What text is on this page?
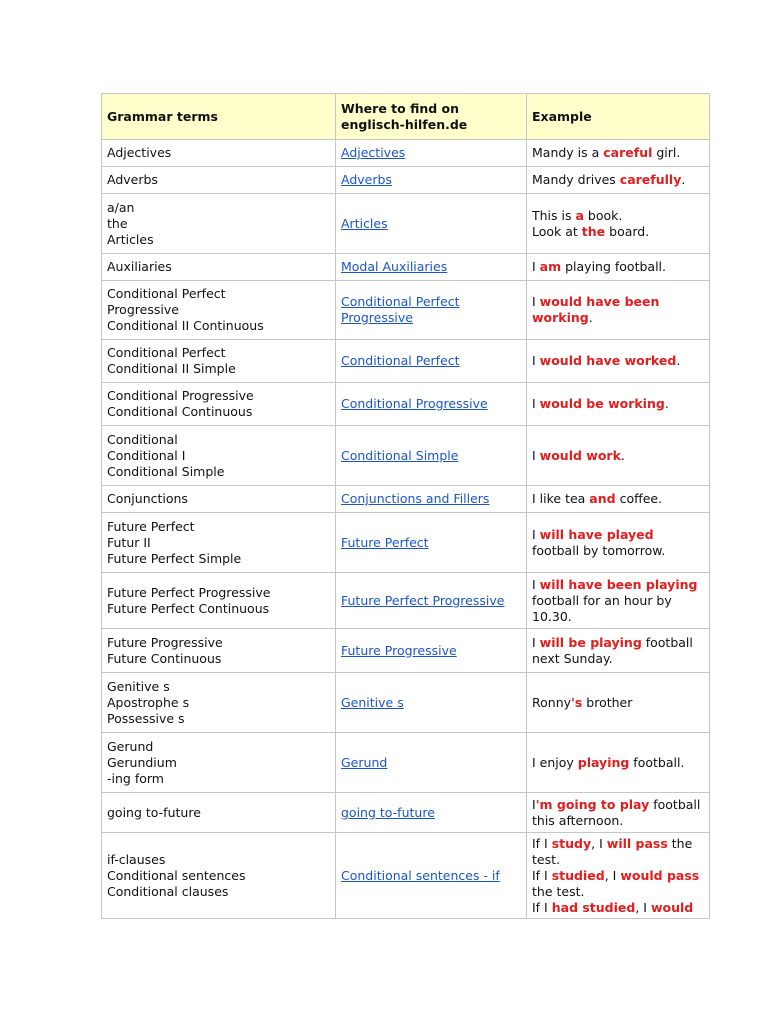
Grammar terms	Where to find on englisch-hilfen.de	Example

Adjectives	Adjectives	Mandy is a careful girl.

Adverbs	Adverbs	Mandy drives carefully.

a/an
the
Articles	Articles	This is a book.
Look at the board.

Auxiliaries	Modal Auxiliaries	I am playing football.

Conditional Perfect
Progressive
Conditional II Continuous	Conditional Perfect Progressive	I would have been working.

Conditional Perfect
Conditional II Simple	Conditional Perfect	I would have worked.

Conditional Progressive
Conditional Continuous	Conditional Progressive	I would be working.

Conditional
Conditional I
Conditional Simple	Conditional Simple	I would work.

Conjunctions	Conjunctions and Fillers	I like tea and coffee.

Future Perfect
Futur II
Future Perfect Simple	Future Perfect	I will have played football by tomorrow.

Future Perfect Progressive
Future Perfect Continuous	Future Perfect Progressive	I will have been playing football for an hour by 10.30.

Future Progressive
Future Continuous	Future Progressive	I will be playing football next Sunday.

Genitive s
Apostrophe s
Possessive s	Genitive s	Ronny's brother

Gerund
Gerundium
-ing form	Gerund	I enjoy playing football.

going to-future	going to-future	I'm going to play football this afternoon.

if-clauses
Conditional sentences
Conditional clauses	Conditional sentences - if	If I study, I will pass the test.
If I studied, I would pass the test.
If I had studied, I would
